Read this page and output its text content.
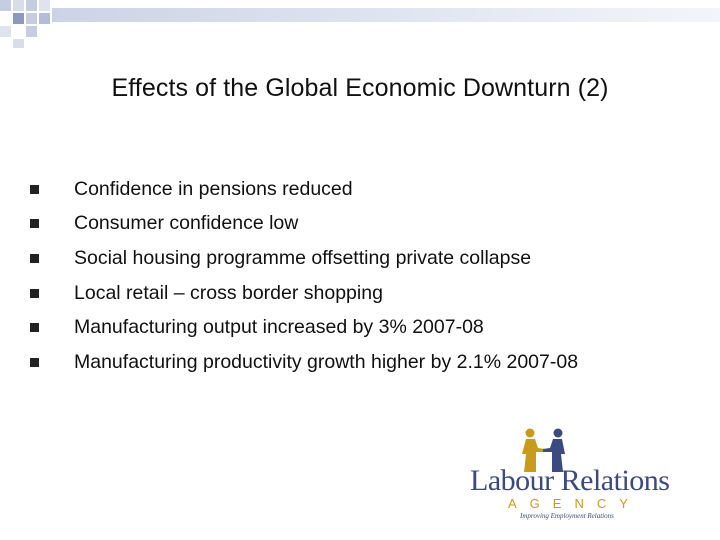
Effects of the Global Economic Downturn (2)
Confidence in pensions reduced
Consumer confidence low
Social housing programme offsetting private collapse
Local retail – cross border shopping
Manufacturing output increased by 3% 2007-08
Manufacturing productivity growth higher by 2.1% 2007-08
Labour Relations
AGENCY
Improving Employment Relations
